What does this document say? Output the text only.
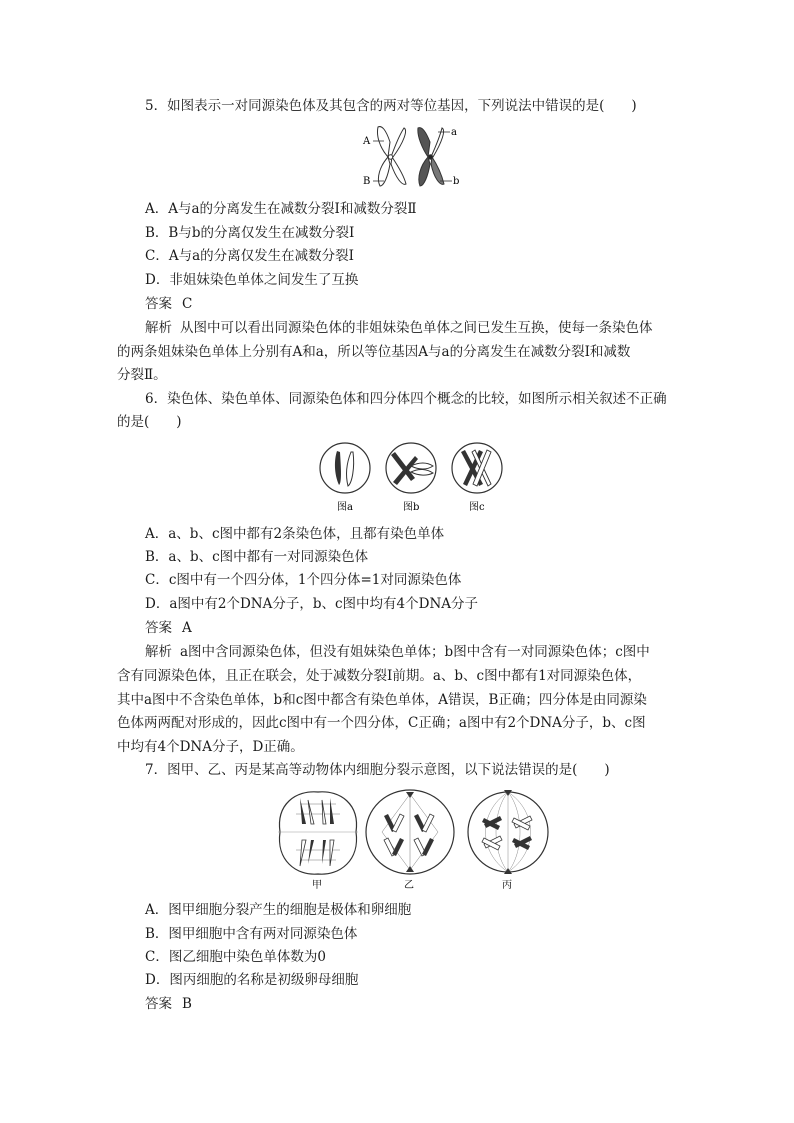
5．如图表示一对同源染色体及其包含的两对等位基因，下列说法中错误的是(　　)
A
B
a
b
A．A与a的分离发生在减数分裂Ⅰ和减数分裂Ⅱ
B．B与b的分离仅发生在减数分裂Ⅰ
C．A与a的分离仅发生在减数分裂Ⅰ
D．非姐妹染色单体之间发生了互换
答案 C
解析 从图中可以看出同源染色体的非姐妹染色单体之间已发生互换，使每一条染色体
的两条姐妹染色单体上分别有A和a，所以等位基因A与a的分离发生在减数分裂Ⅰ和减数
分裂Ⅱ。
6．染色体、染色单体、同源染色体和四分体四个概念的比较，如图所示相关叙述不正确
的是(　　)
图a	图b	图c
A．a、b、c图中都有2条染色体，且都有染色单体
B．a、b、c图中都有一对同源染色体
C．c图中有一个四分体，1个四分体=1对同源染色体
D．a图中有2个DNA分子，b、c图中均有4个DNA分子
答案 A
解析 a图中含同源染色体，但没有姐妹染色单体；b图中含有一对同源染色体；c图中
含有同源染色体，且正在联会，处于减数分裂Ⅰ前期。a、b、c图中都有1对同源染色体，
其中a图中不含染色单体，b和c图中都含有染色单体，A错误，B正确；四分体是由同源染
色体两两配对形成的，因此c图中有一个四分体，C正确；a图中有2个DNA分子，b、c图
中均有4个DNA分子，D正确。
7．图甲、乙、丙是某高等动物体内细胞分裂示意图，以下说法错误的是(　　)
甲	乙	丙
A．图甲细胞分裂产生的细胞是极体和卵细胞
B．图甲细胞中含有两对同源染色体
C．图乙细胞中染色单体数为0
D．图丙细胞的名称是初级卵母细胞
答案 B
